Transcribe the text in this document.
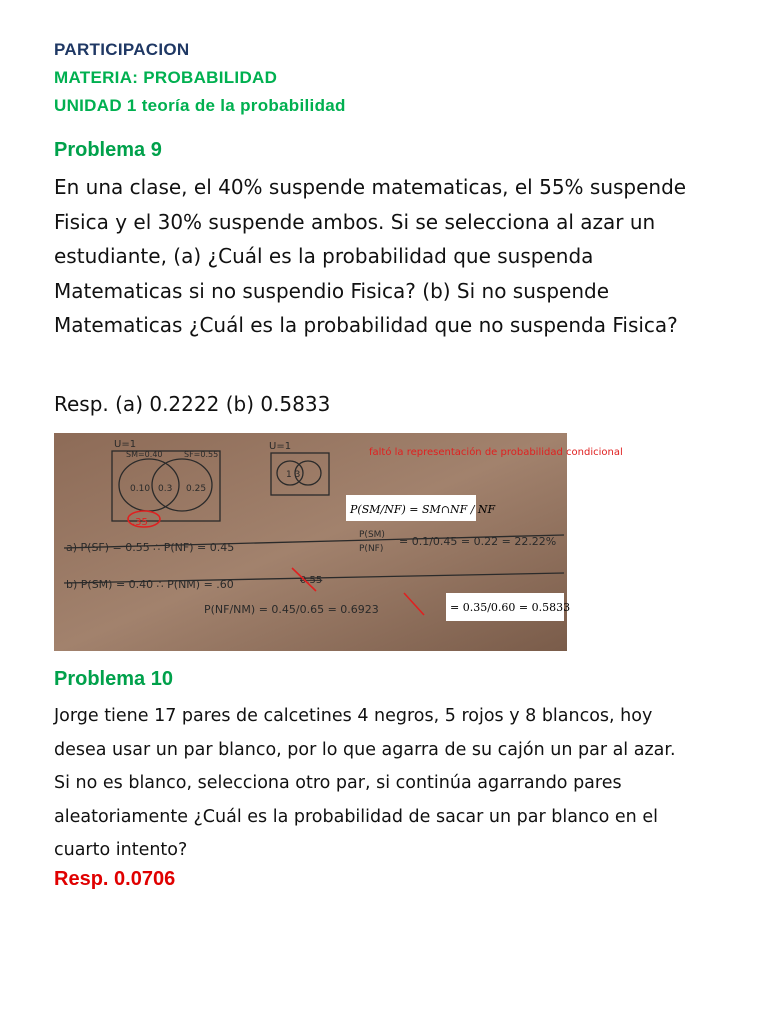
PARTICIPACION
MATERIA: PROBABILIDAD
UNIDAD 1 teoría de la probabilidad
Problema 9
En una clase, el 40% suspende matematicas, el 55% suspende Fisica y el 30% suspende ambos. Si se selecciona al azar un estudiante, (a) ¿Cuál es la probabilidad que suspenda Matematicas si no suspendio Fisica? (b) Si no suspende Matematicas ¿Cuál es la probabilidad que no suspenda Fisica?
Resp. (a) 0.2222 (b) 0.5833
U=1	U=1
SM=0.40	SF=0.55
0.10 0.3 0.25
1 3
a) P(SF) = 0.55 ∴ P(NF) = 0.45
P(SM)
P(NF)
= 0.1/0.45 = 0.22 = 22.22%
b) P(SM) = 0.40 ∴ P(NM) = .60	0.55
P(NF/NM) = 0.45/0.65 = 0.6923
.35
faltó la representación de probabilidad condicional
P(SM/NF) = SM∩NF / NF
= 0.35/0.60 = 0.5833
Problema 10
Jorge tiene 17 pares de calcetines 4 negros, 5 rojos y 8 blancos, hoy desea usar un par blanco, por lo que agarra de su cajón un par al azar. Si no es blanco, selecciona otro par, si continúa agarrando pares aleatoriamente ¿Cuál es la probabilidad de sacar un par blanco en el cuarto intento?
Resp. 0.0706
